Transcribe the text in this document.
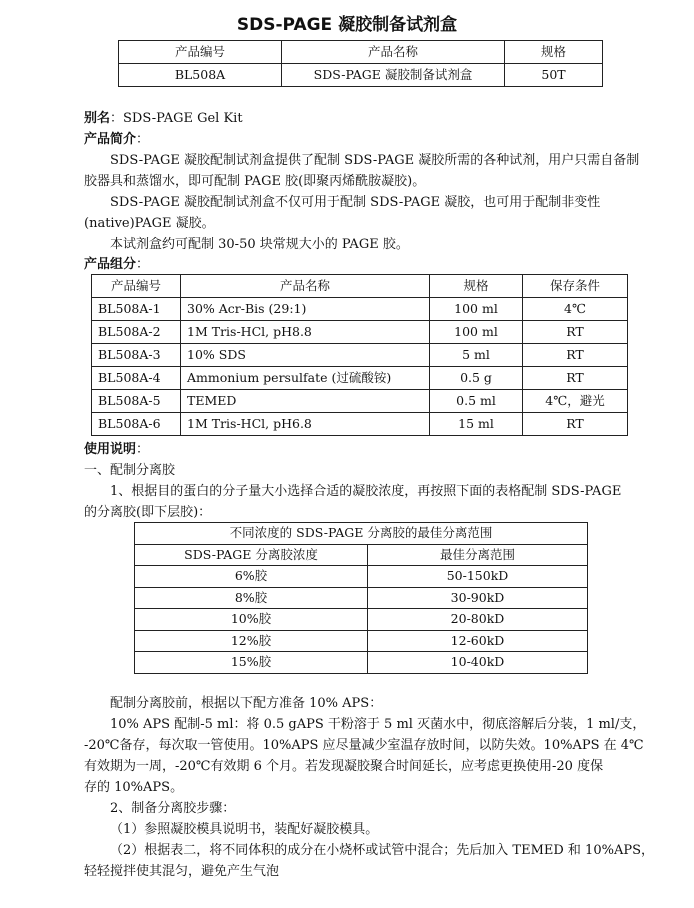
SDS-PAGE 凝胶制备试剂盒
产品编号	产品名称	规格
BL508A	SDS-PAGE 凝胶制备试剂盒	50T
别名：SDS-PAGE Gel Kit
产品简介：
SDS-PAGE 凝胶配制试剂盒提供了配制 SDS-PAGE 凝胶所需的各种试剂，用户只需自备制
胶器具和蒸馏水，即可配制 PAGE 胶(即聚丙烯酰胺凝胶)。
SDS-PAGE 凝胶配制试剂盒不仅可用于配制 SDS-PAGE 凝胶，也可用于配制非变性
(native)PAGE 凝胶。
本试剂盒约可配制 30-50 块常规大小的 PAGE 胶。
产品组分：
产品编号	产品名称	规格	保存条件
BL508A-1	30% Acr-Bis (29:1)	100 ml	4℃
BL508A-2	1M Tris-HCl, pH8.8	100 ml	RT
BL508A-3	10% SDS	5 ml	RT
BL508A-4	Ammonium persulfate (过硫酸铵)	0.5 g	RT
BL508A-5	TEMED	0.5 ml	4℃，避光
BL508A-6	1M Tris-HCl, pH6.8	15 ml	RT
使用说明：
一、配制分离胶
1、根据目的蛋白的分子量大小选择合适的凝胶浓度，再按照下面的表格配制 SDS-PAGE
的分离胶(即下层胶)：
不同浓度的 SDS-PAGE 分离胶的最佳分离范围	
SDS-PAGE 分离胶浓度	最佳分离范围
6%胶	50-150kD
8%胶	30-90kD
10%胶	20-80kD
12%胶	12-60kD
15%胶	10-40kD
配制分离胶前，根据以下配方准备 10% APS：
10% APS 配制-5 ml：将 0.5 gAPS 干粉溶于 5 ml 灭菌水中，彻底溶解后分装，1 ml/支，
-20℃备存，每次取一管使用。10%APS 应尽量减少室温存放时间，以防失效。10%APS 在 4℃
有效期为一周，-20℃有效期 6 个月。若发现凝胶聚合时间延长，应考虑更换使用-20 度保
存的 10%APS。
2、制备分离胶步骤：
（1）参照凝胶模具说明书，装配好凝胶模具。
（2）根据表二，将不同体积的成分在小烧杯或试管中混合；先后加入 TEMED 和 10%APS，
轻轻搅拌使其混匀，避免产生气泡
